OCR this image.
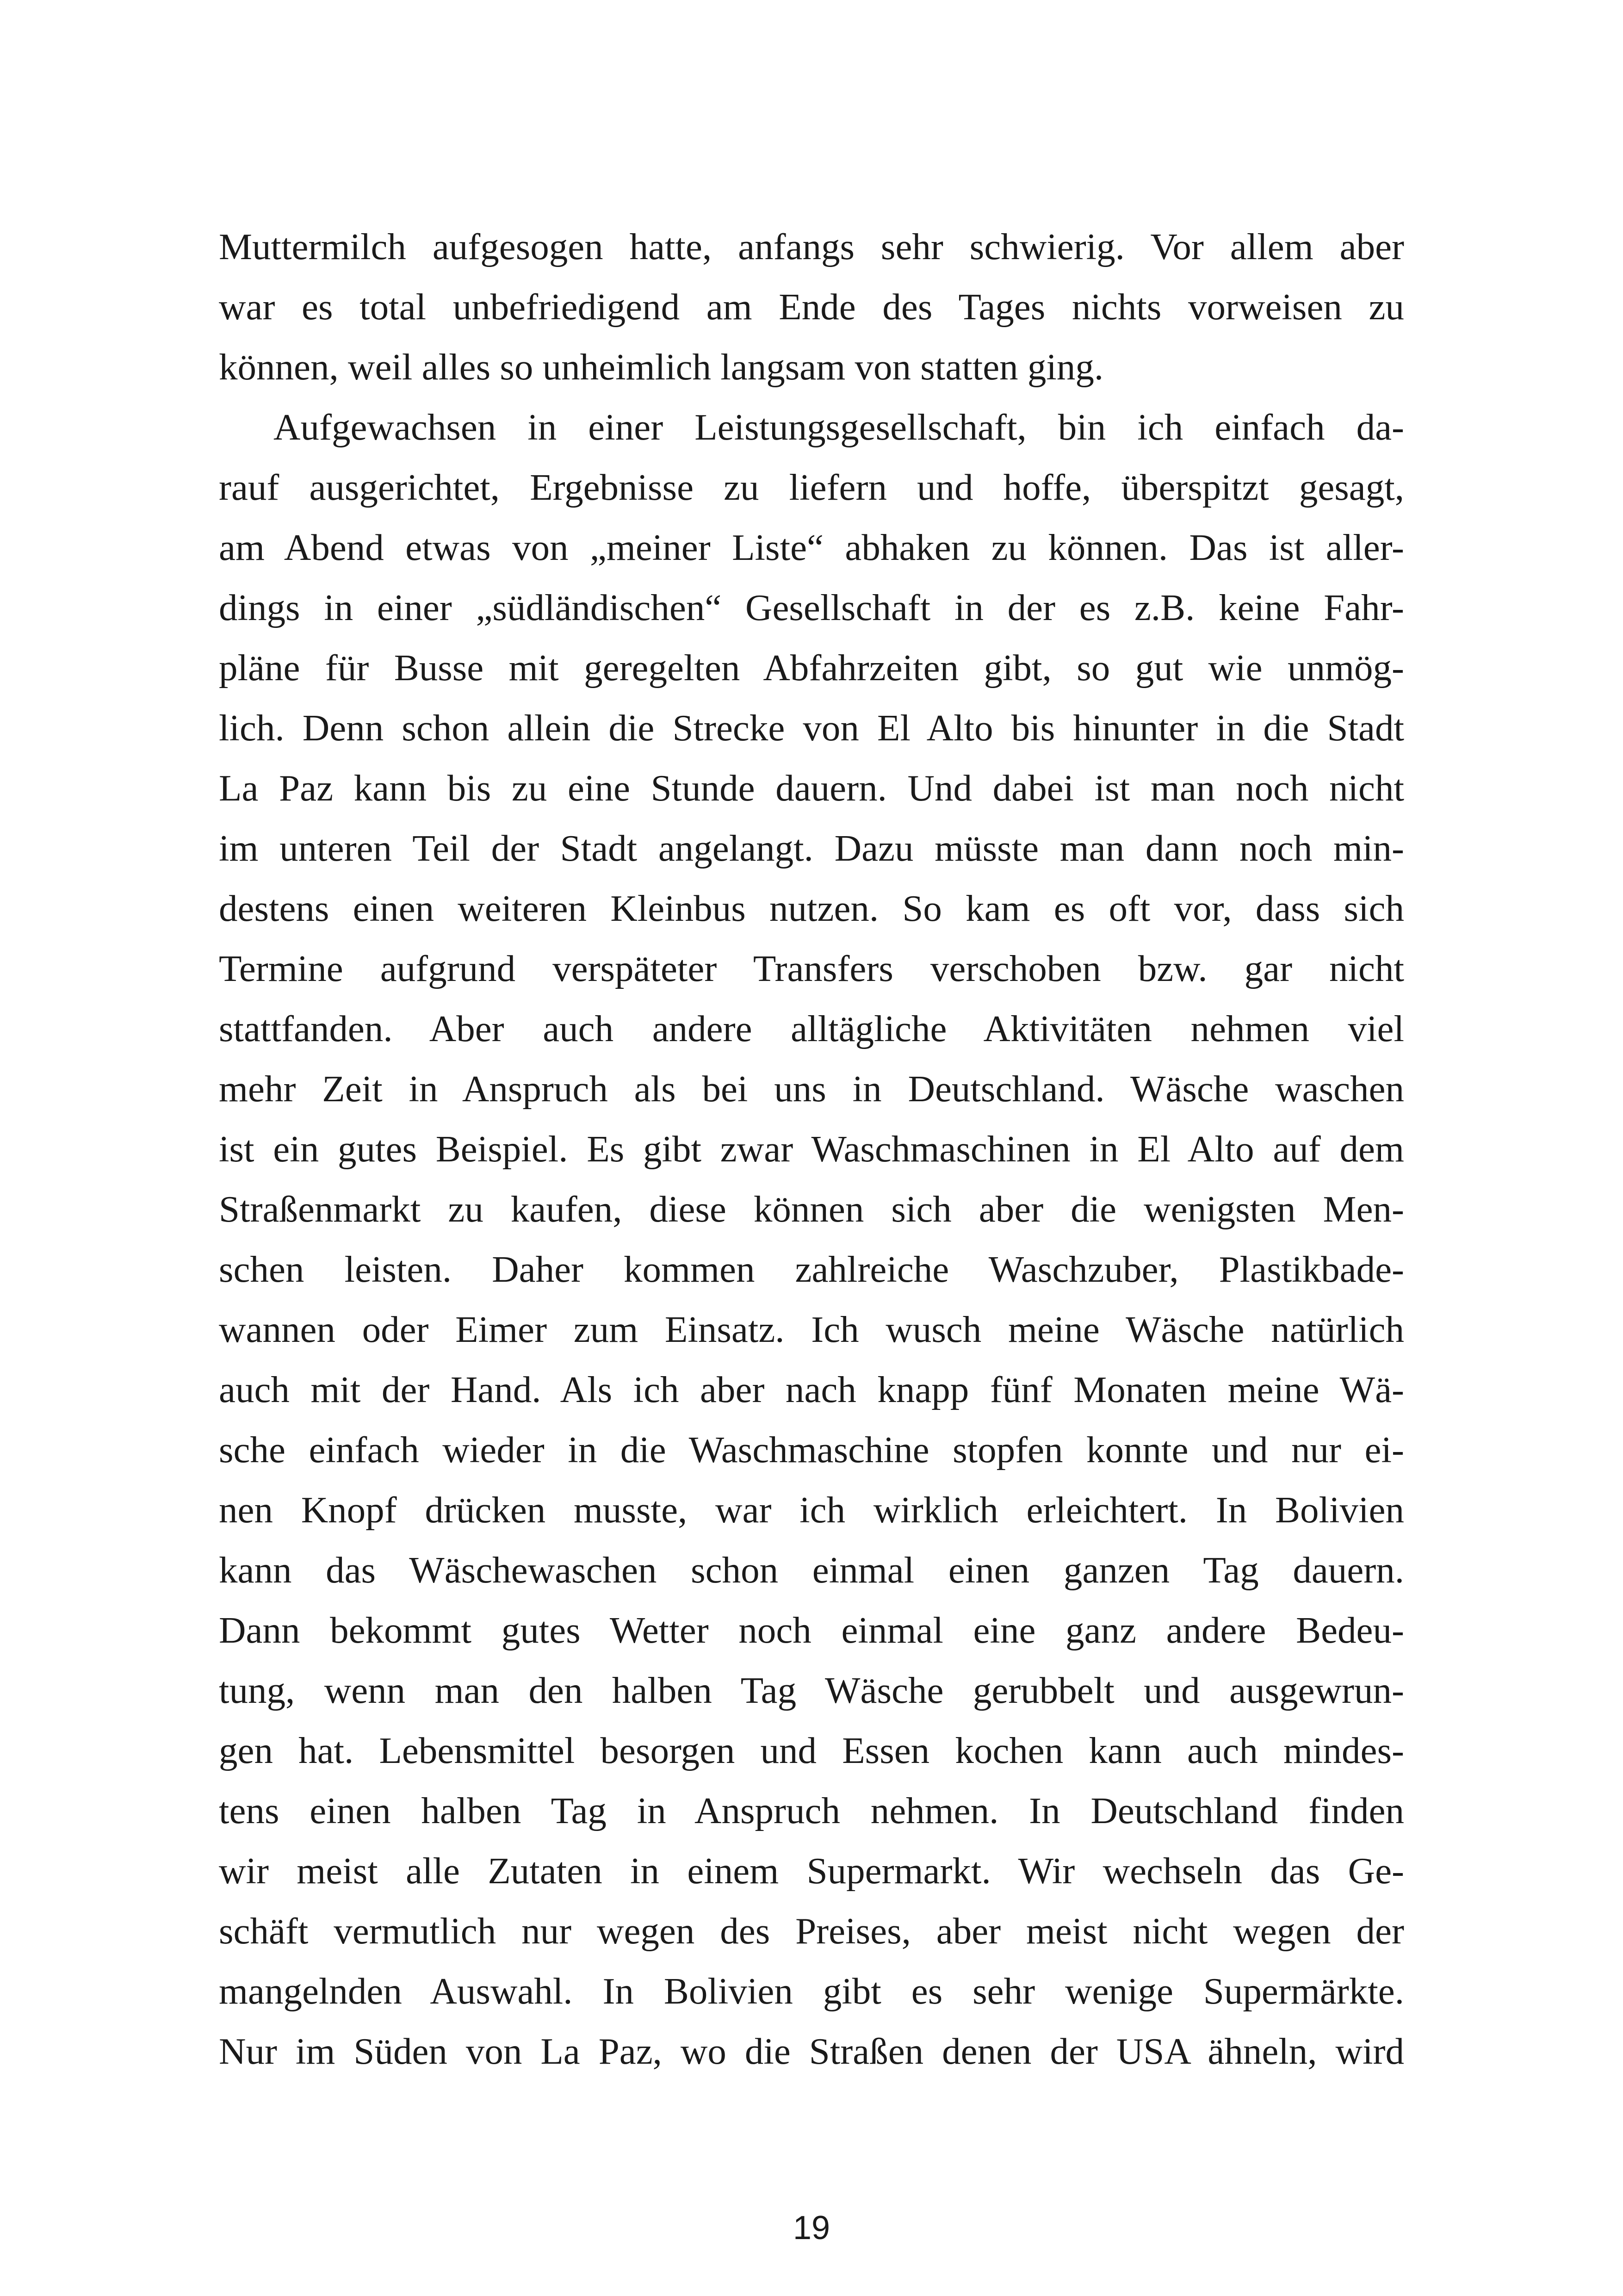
Muttermilch aufgesogen hatte, anfangs sehr schwierig. Vor allem aber
war es total unbefriedigend am Ende des Tages nichts vorweisen zu
können, weil alles so unheimlich langsam von statten ging.
Aufgewachsen in einer Leistungsgesellschaft, bin ich einfach da-
rauf ausgerichtet, Ergebnisse zu liefern und hoffe, überspitzt gesagt,
am Abend etwas von „meiner Liste“ abhaken zu können. Das ist aller-
dings in einer „südländischen“ Gesellschaft in der es z.B. keine Fahr-
pläne für Busse mit geregelten Abfahrzeiten gibt, so gut wie unmög-
lich. Denn schon allein die Strecke von El Alto bis hinunter in die Stadt
La Paz kann bis zu eine Stunde dauern. Und dabei ist man noch nicht
im unteren Teil der Stadt angelangt. Dazu müsste man dann noch min-
destens einen weiteren Kleinbus nutzen. So kam es oft vor, dass sich
Termine aufgrund verspäteter Transfers verschoben bzw. gar nicht
stattfanden. Aber auch andere alltägliche Aktivitäten nehmen viel
mehr Zeit in Anspruch als bei uns in Deutschland. Wäsche waschen
ist ein gutes Beispiel. Es gibt zwar Waschmaschinen in El Alto auf dem
Straßenmarkt zu kaufen, diese können sich aber die wenigsten Men-
schen leisten. Daher kommen zahlreiche Waschzuber, Plastikbade-
wannen oder Eimer zum Einsatz. Ich wusch meine Wäsche natürlich
auch mit der Hand. Als ich aber nach knapp fünf Monaten meine Wä-
sche einfach wieder in die Waschmaschine stopfen konnte und nur ei-
nen Knopf drücken musste, war ich wirklich erleichtert. In Bolivien
kann das Wäschewaschen schon einmal einen ganzen Tag dauern.
Dann bekommt gutes Wetter noch einmal eine ganz andere Bedeu-
tung, wenn man den halben Tag Wäsche gerubbelt und ausgewrun-
gen hat. Lebensmittel besorgen und Essen kochen kann auch mindes-
tens einen halben Tag in Anspruch nehmen. In Deutschland finden
wir meist alle Zutaten in einem Supermarkt. Wir wechseln das Ge-
schäft vermutlich nur wegen des Preises, aber meist nicht wegen der
mangelnden Auswahl. In Bolivien gibt es sehr wenige Supermärkte.
Nur im Süden von La Paz, wo die Straßen denen der USA ähneln, wird
19
